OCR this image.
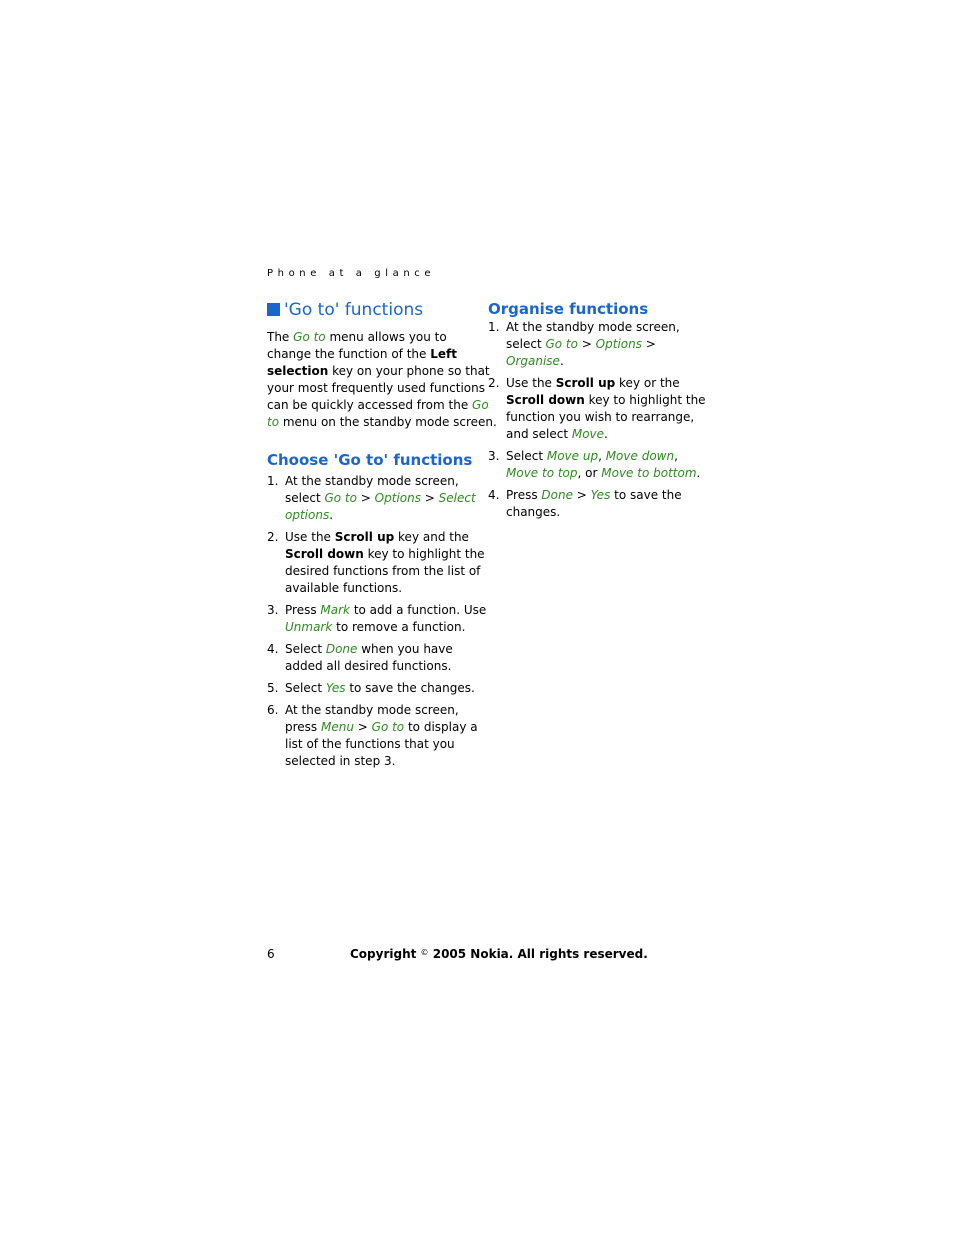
Phone at a glance
'Go to' functions
The Go to menu allows you to
change the function of the Left
selection key on your phone so that
your most frequently used functions
can be quickly accessed from the Go
to menu on the standby mode screen.
Choose 'Go to' functions
1. At the standby mode screen,
select Go to > Options > Select
options.
2. Use the Scroll up key and the
Scroll down key to highlight the
desired functions from the list of
available functions.
3. Press Mark to add a function. Use
Unmark to remove a function.
4. Select Done when you have
added all desired functions.
5. Select Yes to save the changes.
6. At the standby mode screen,
press Menu > Go to to display a
list of the functions that you
selected in step 3.
Organise functions
1. At the standby mode screen,
select Go to > Options >
Organise.
2. Use the Scroll up key or the
Scroll down key to highlight the
function you wish to rearrange,
and select Move.
3. Select Move up, Move down,
Move to top, or Move to bottom.
4. Press Done > Yes to save the
changes.
6	Copyright © 2005 Nokia. All rights reserved.
